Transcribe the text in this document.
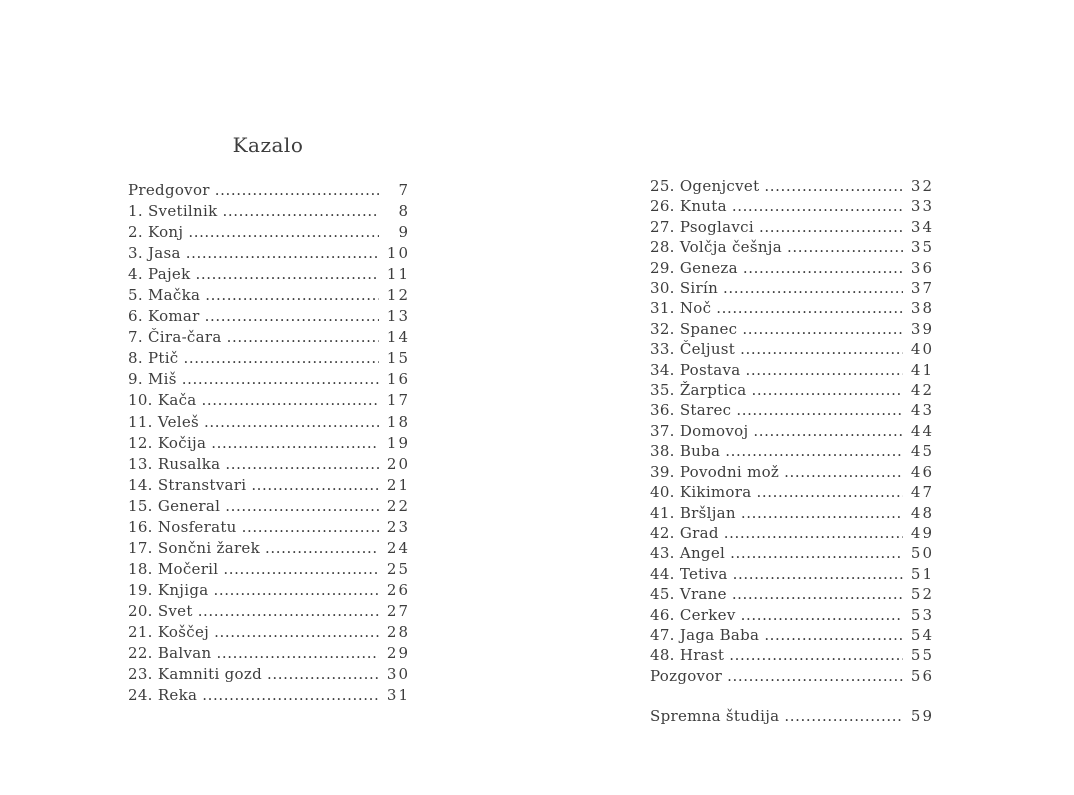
Kazalo
Predgovor .....	7
1. Svetilnik .....	8
2. Konj .....	9
3. Jasa .....	10
4. Pajek .....	11
5. Mačka .....	12
6. Komar .....	13
7. Čira-čara .....	14
8. Ptič .....	15
9. Miš .....	16
10. Kača .....	17
11. Veleš .....	18
12. Kočija .....	19
13. Rusalka .....	20
14. Stranstvari .....	21
15. General .....	22
16. Nosferatu .....	23
17. Sončni žarek .....	24
18. Močeril .....	25
19. Knjiga .....	26
20. Svet .....	27
21. Koščej .....	28
22. Balvan .....	29
23. Kamniti gozd .....	30
24. Reka .....	31
25. Ogenjcvet .....	32
26. Knuta .....	33
27. Psoglavci .....	34
28. Volčja češnja .....	35
29. Geneza .....	36
30. Sirín .....	37
31. Noč .....	38
32. Spanec .....	39
33. Čeljust .....	40
34. Postava .....	41
35. Žarptica .....	42
36. Starec .....	43
37. Domovoj .....	44
38. Buba .....	45
39. Povodni mož .....	46
40. Kikimora .....	47
41. Bršljan .....	48
42. Grad .....	49
43. Angel .....	50
44. Tetiva .....	51
45. Vrane .....	52
46. Cerkev .....	53
47. Jaga Baba .....	54
48. Hrast .....	55
Pozgovor .....	56
Spremna študija .....	59
